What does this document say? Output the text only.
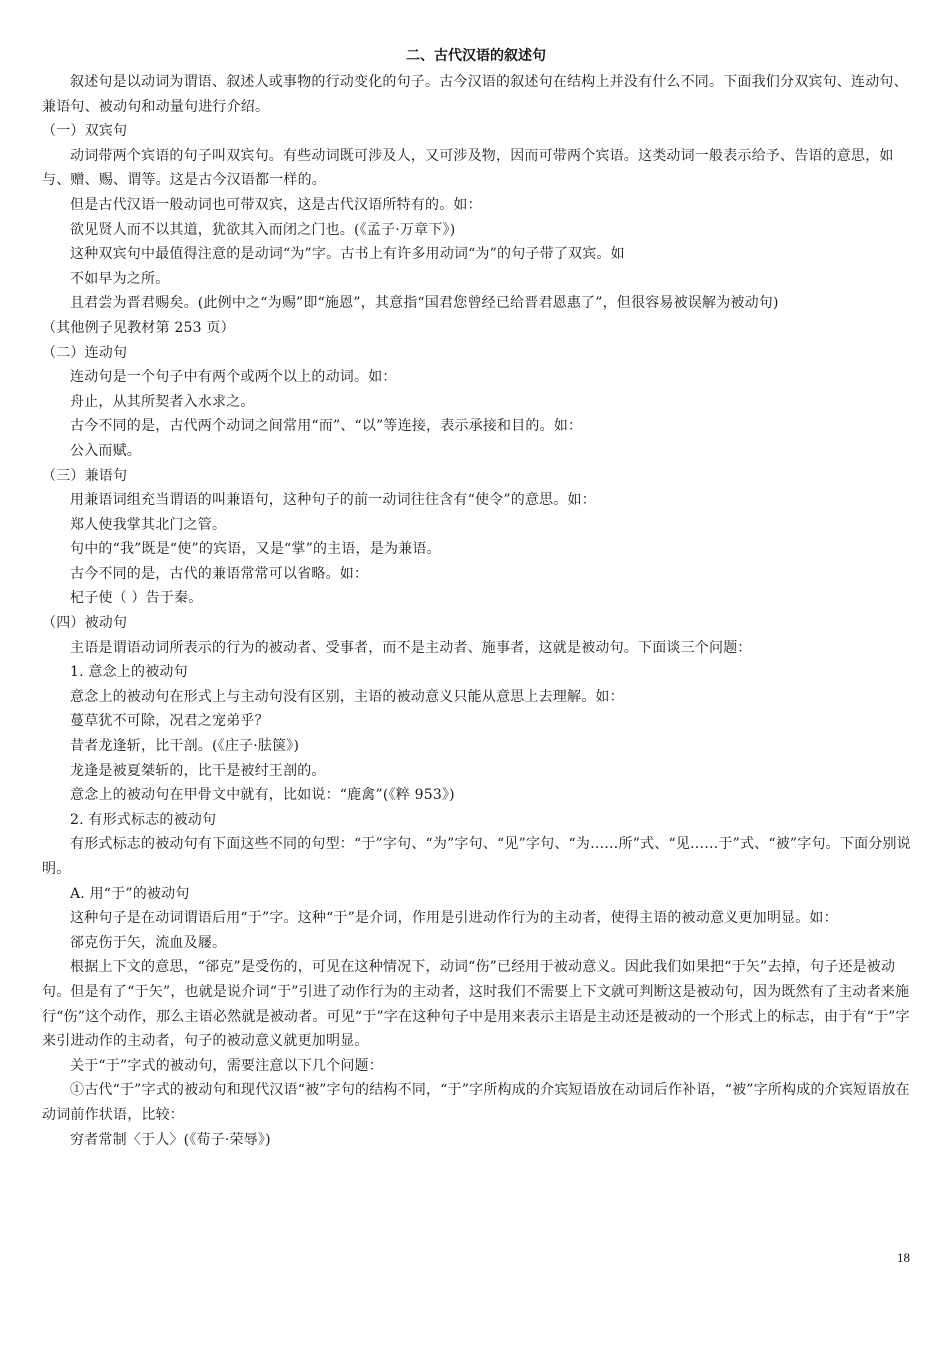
二、古代汉语的叙述句

叙述句是以动词为谓语、叙述人或事物的行动变化的句子。古今汉语的叙述句在结构上并没有什么不同。下面我们分双宾句、连动句、兼语句、被动句和动量句进行介绍。

（一）双宾句

动词带两个宾语的句子叫双宾句。有些动词既可涉及人，又可涉及物，因而可带两个宾语。这类动词一般表示给予、告语的意思，如与、赠、赐、谓等。这是古今汉语都一样的。

但是古代汉语一般动词也可带双宾，这是古代汉语所特有的。如：

欲见贤人而不以其道，犹欲其入而闭之门也。(《孟子·万章下》)

这种双宾句中最值得注意的是动词“为”字。古书上有许多用动词“为”的句子带了双宾。如

不如早为之所。

且君尝为晋君赐矣。(此例中之“为赐”即“施恩”，其意指“国君您曾经已给晋君恩惠了”，但很容易被误解为被动句)

（其他例子见教材第 253 页）

（二）连动句

连动句是一个句子中有两个或两个以上的动词。如：

舟止，从其所契者入水求之。

古今不同的是，古代两个动词之间常用“而”、“以”等连接，表示承接和目的。如：

公入而赋。

（三）兼语句

用兼语词组充当谓语的叫兼语句，这种句子的前一动词往往含有“使令”的意思。如：

郑人使我掌其北门之管。

句中的“我”既是“使”的宾语，又是“掌”的主语，是为兼语。

古今不同的是，古代的兼语常常可以省略。如：

杞子使（ ）告于秦。

（四）被动句

主语是谓语动词所表示的行为的被动者、受事者，而不是主动者、施事者，这就是被动句。下面谈三个问题：

1. 意念上的被动句

意念上的被动句在形式上与主动句没有区别，主语的被动意义只能从意思上去理解。如：

蔓草犹不可除，况君之宠弟乎？

昔者龙逢斩，比干剖。(《庄子·胠箧》)

龙逢是被夏桀斩的，比干是被纣王剖的。

意念上的被动句在甲骨文中就有，比如说：“鹿禽”(《粹 953》)

2. 有形式标志的被动句

有形式标志的被动句有下面这些不同的句型：“于”字句、“为”字句、“见”字句、“为……所”式、“见……于”式、“被”字句。下面分别说明。

A. 用“于”的被动句

这种句子是在动词谓语后用“于”字。这种“于”是介词，作用是引进动作行为的主动者，使得主语的被动意义更加明显。如：

郤克伤于矢，流血及屦。

根据上下文的意思，“郤克”是受伤的，可见在这种情况下，动词“伤”已经用于被动意义。因此我们如果把“于矢”去掉，句子还是被动句。但是有了“于矢”，也就是说介词“于”引进了动作行为的主动者，这时我们不需要上下文就可判断这是被动句，因为既然有了主动者来施行“伤”这个动作，那么主语必然就是被动者。可见“于”字在这种句子中是用来表示主语是主动还是被动的一个形式上的标志，由于有“于”字来引进动作的主动者，句子的被动意义就更加明显。

关于“于”字式的被动句，需要注意以下几个问题：

①古代“于”字式的被动句和现代汉语“被”字句的结构不同，“于”字所构成的介宾短语放在动词后作补语，“被”字所构成的介宾短语放在动词前作状语，比较：

穷者常制〈于人〉(《荀子·荣辱》)

18
